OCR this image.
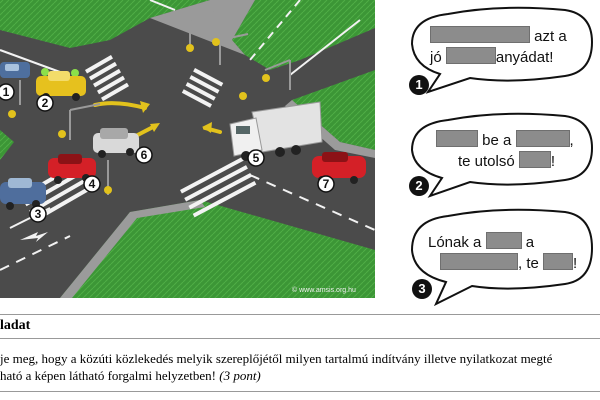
1
2
3
4
5
6
7
© www.amsis.org.hu
azt a
jó	anyádat!
1
be a	,
te utolsó !
2
Lónak a	a
, te !
3
ladat
je meg, hogy a közúti közlekedés melyik szereplőjétől milyen tartalmú indítvány illetve nyilatkozat megté
ható a képen látható forgalmi helyzetben! (3 pont)
